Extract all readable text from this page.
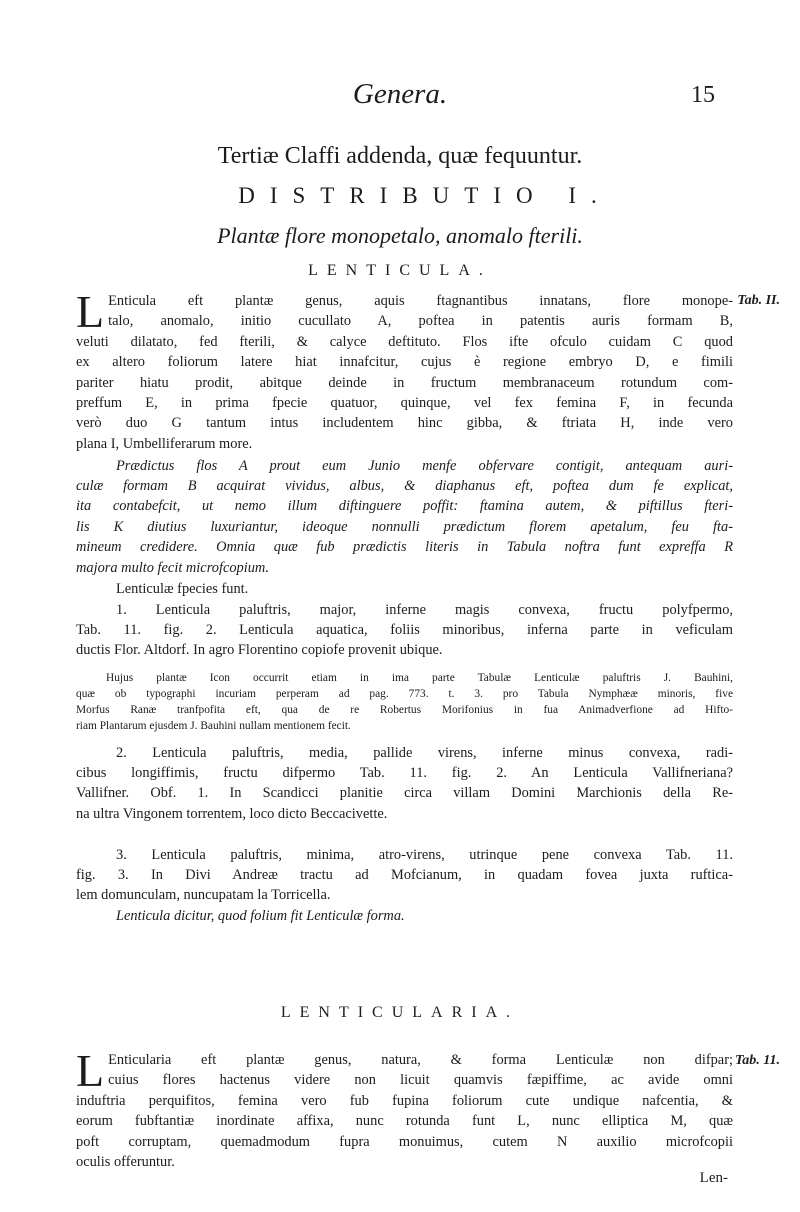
Genera.	15
Tertiæ Claffi addenda, quæ fequuntur.
DISTRIBUTIO I.
Plantæ flore monopetalo, anomalo fterili.
LENTICULA.
Tab. II.
L Enticula eft plantæ genus, aquis ftagnantibus innatans, flore monope-
talo, anomalo, initio cucullato A, poftea in patentis auris formam B,
veluti dilatato, fed fterili, & calyce deftituto. Flos ifte ofculo cuidam C quod
ex altero foliorum latere hiat innafcitur, cujus è regione embryo D, e fimili
pariter hiatu prodit, abitque deinde in fructum membranaceum rotundum com-
preffum E, in prima fpecie quatuor, quinque, vel fex femina F, in fecunda
verò duo G tantum intus includentem hinc gibba, & ftriata H, inde vero
plana I, Umbelliferarum more.
Prædictus flos A prout eum Junio menfe obfervare contigit, antequam auri-
culæ formam B acquirat vividus, albus, & diaphanus eft, poftea dum fe explicat,
ita contabefcit, ut nemo illum diftinguere poffit: ftamina autem, & piftillus fteri-
lis K diutius luxuriantur, ideoque nonnulli prædictum florem apetalum, feu fta-
mineum credidere. Omnia quæ fub prædictis literis in Tabula noftra funt expreffa R
majora multo fecit microfcopium.
Lenticulæ fpecies funt.
1. Lenticula paluftris, major, inferne magis convexa, fructu polyfpermo,
Tab. 11. fig. 2. Lenticula aquatica, foliis minoribus, inferna parte in veficulam
ductis Flor. Altdorf. In agro Florentino copiofe provenit ubique.
Hujus plantæ Icon occurrit etiam in ima parte Tabulæ Lenticulæ paluftris J. Bauhini,
quæ ob typographi incuriam perperam ad pag. 773. t. 3. pro Tabula Nymphææ minoris, five
Morfus Ranæ tranfpofita eft, qua de re Robertus Morifonius in fua Animadverfione ad Hifto-
riam Plantarum ejusdem J. Bauhini nullam mentionem fecit.
2. Lenticula paluftris, media, pallide virens, inferne minus convexa, radi-
cibus longiffimis, fructu difpermo Tab. 11. fig. 2. An Lenticula Vallifneriana?
Vallifner. Obf. 1. In Scandicci planitie circa villam Domini Marchionis della Re-
na ultra Vingonem torrentem, loco dicto Beccacivette.
3. Lenticula paluftris, minima, atro-virens, utrinque pene convexa Tab. 11.
fig. 3. In Divi Andreæ tractu ad Mofcianum, in quadam fovea juxta ruftica-
lem domunculam, nuncupatam la Torricella.
Lenticula dicitur, quod folium fit Lenticulæ forma.
LENTICULARIA.
Tab. 11.
L Enticularia eft plantæ genus, natura, & forma Lenticulæ non difpar;
cuius flores hactenus videre non licuit quamvis fæpiffime, ac avide omni
induftria perquifitos, femina vero fub fupina foliorum cute undique nafcentia, &
eorum fubftantiæ inordinate affixa, nunc rotunda funt L, nunc elliptica M, quæ
poft corruptam, quemadmodum fupra monuimus, cutem N auxilio microfcopii
oculis offeruntur.
Len-
